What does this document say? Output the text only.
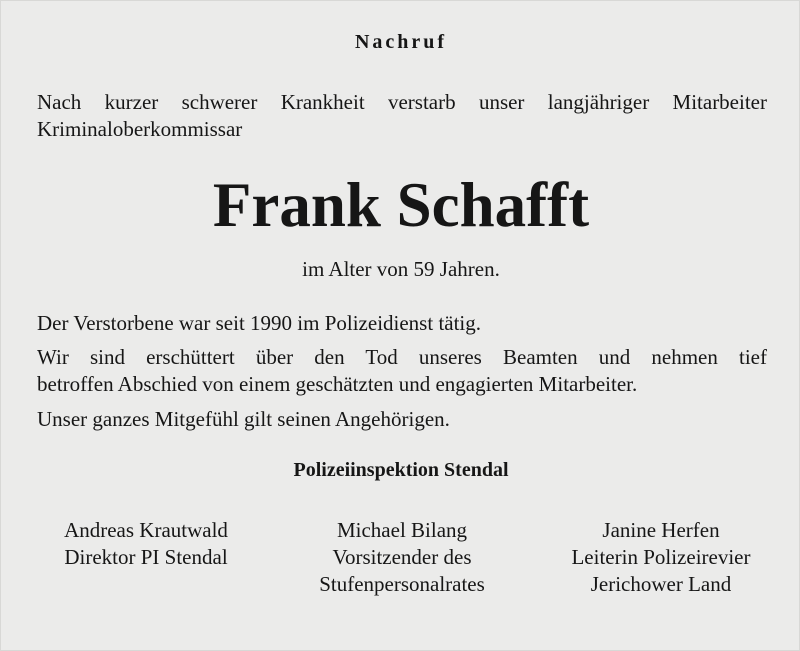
Nachruf
Nach kurzer schwerer Krankheit verstarb unser langjähriger Mitarbeiter
Kriminaloberkommissar
Frank Schafft
im Alter von 59 Jahren.
Der Verstorbene war seit 1990 im Polizeidienst tätig.
Wir sind erschüttert über den Tod unseres Beamten und nehmen tief
betroffen Abschied von einem geschätzten und engagierten Mitarbeiter.
Unser ganzes Mitgefühl gilt seinen Angehörigen.
Polizeiinspektion Stendal
Andreas Krautwald
Direktor PI Stendal
Michael Bilang
Vorsitzender des
Stufenpersonalrates
Janine Herfen
Leiterin Polizeirevier
Jerichower Land
